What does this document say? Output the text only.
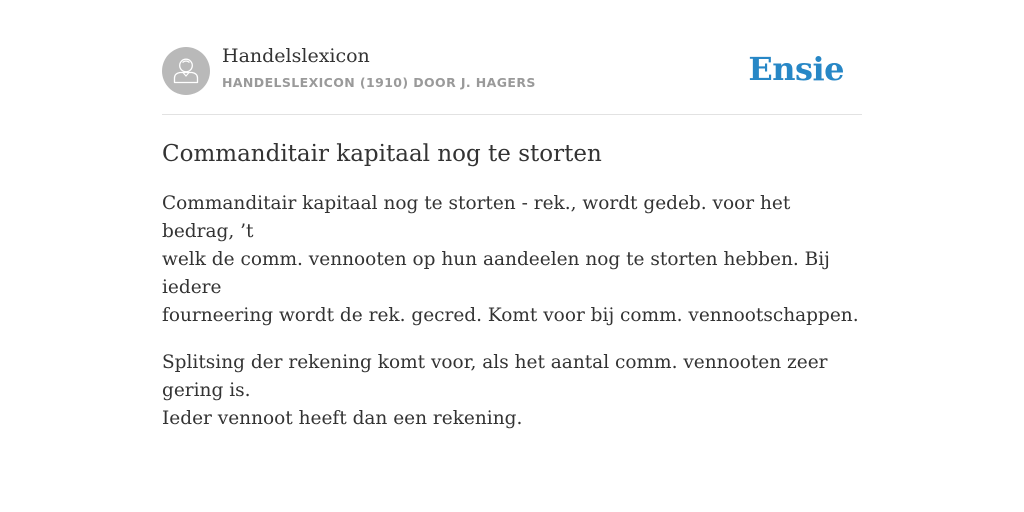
Handelslexicon
HANDELSLEXICON (1910) DOOR J. HAGERS	Ensie
Commanditair kapitaal nog te storten

Commanditair kapitaal nog te storten - rek., wordt gedeb. voor het bedrag, ’t
welk de comm. vennooten op hun aandeelen nog te storten hebben. Bij iedere
fourneering wordt de rek. gecred. Komt voor bij comm. vennootschappen.

Splitsing der rekening komt voor, als het aantal comm. vennooten zeer gering is.
Ieder vennoot heeft dan een rekening.
